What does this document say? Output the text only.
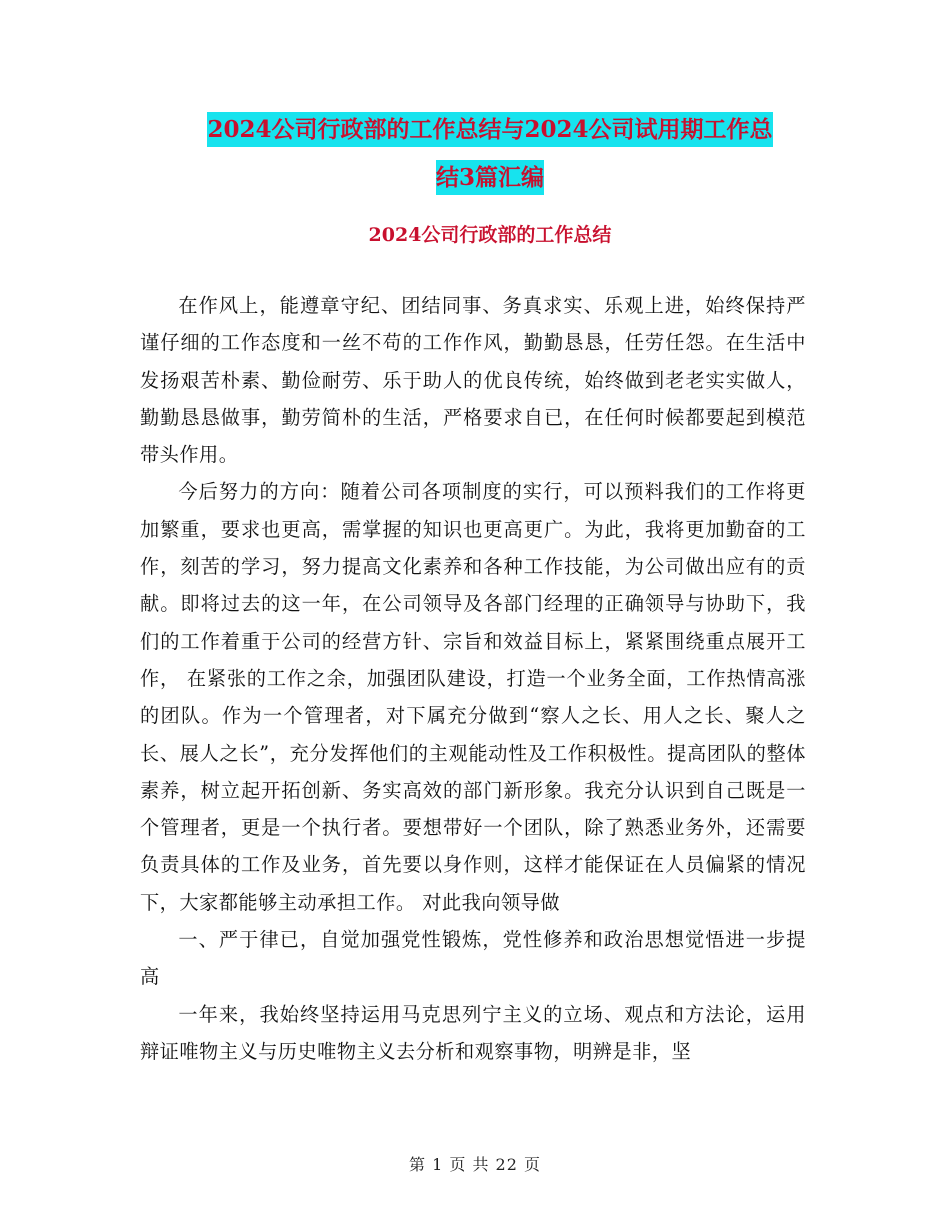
2024公司行政部的工作总结与2024公司试用期工作总
结3篇汇编
2024公司行政部的工作总结

在作风上，能遵章守纪、团结同事、务真求实、乐观上进，始终保持严谨仔细的工作态度和一丝不苟的工作作风，勤勤恳恳，任劳任怨。在生活中发扬艰苦朴素、勤俭耐劳、乐于助人的优良传统，始终做到老老实实做人，勤勤恳恳做事，勤劳简朴的生活，严格要求自已，在任何时候都要起到模范带头作用。

今后努力的方向：随着公司各项制度的实行，可以预料我们的工作将更加繁重，要求也更高，需掌握的知识也更高更广。为此，我将更加勤奋的工作，刻苦的学习，努力提高文化素养和各种工作技能，为公司做出应有的贡献。即将过去的这一年，在公司领导及各部门经理的正确领导与协助下，我们的工作着重于公司的经营方针、宗旨和效益目标上，紧紧围绕重点展开工作， 在紧张的工作之余，加强团队建设，打造一个业务全面，工作热情高涨的团队。作为一个管理者，对下属充分做到“察人之长、用人之长、聚人之长、展人之长”，充分发挥他们的主观能动性及工作积极性。提高团队的整体素养，树立起开拓创新、务实高效的部门新形象。我充分认识到自己既是一个管理者，更是一个执行者。要想带好一个团队，除了熟悉业务外，还需要负责具体的工作及业务，首先要以身作则，这样才能保证在人员偏紧的情况下，大家都能够主动承担工作。 对此我向领导做

一、严于律已，自觉加强党性锻炼，党性修养和政治思想觉悟进一步提高

一年来，我始终坚持运用马克思列宁主义的立场、观点和方法论，运用辩证唯物主义与历史唯物主义去分析和观察事物，明辨是非，坚

第 1 页 共 22 页
